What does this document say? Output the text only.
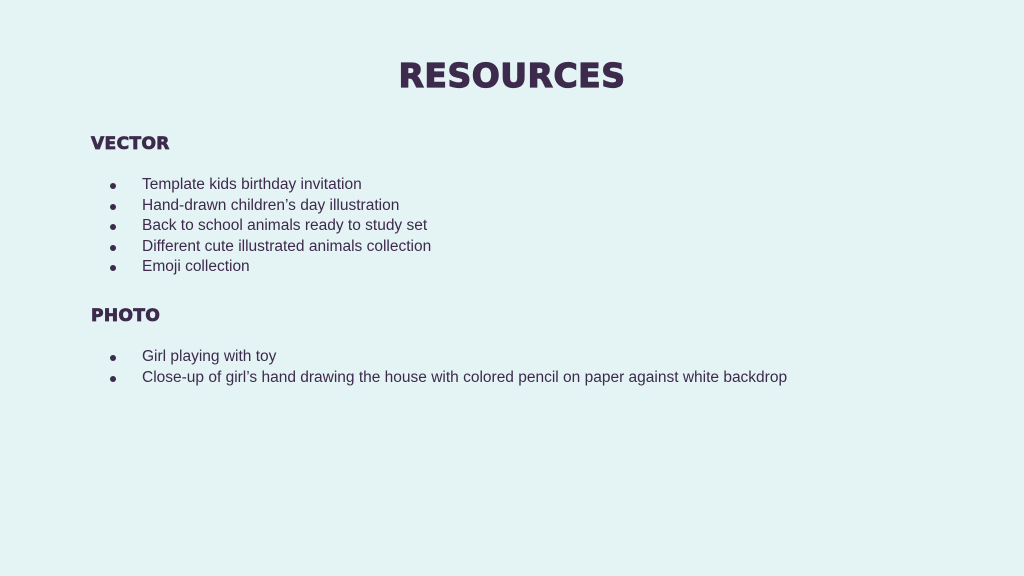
RESOURCES
VECTOR
Template kids birthday invitation
Hand-drawn children’s day illustration
Back to school animals ready to study set
Different cute illustrated animals collection
Emoji collection
PHOTO
Girl playing with toy
Close-up of girl’s hand drawing the house with colored pencil on paper against white backdrop
